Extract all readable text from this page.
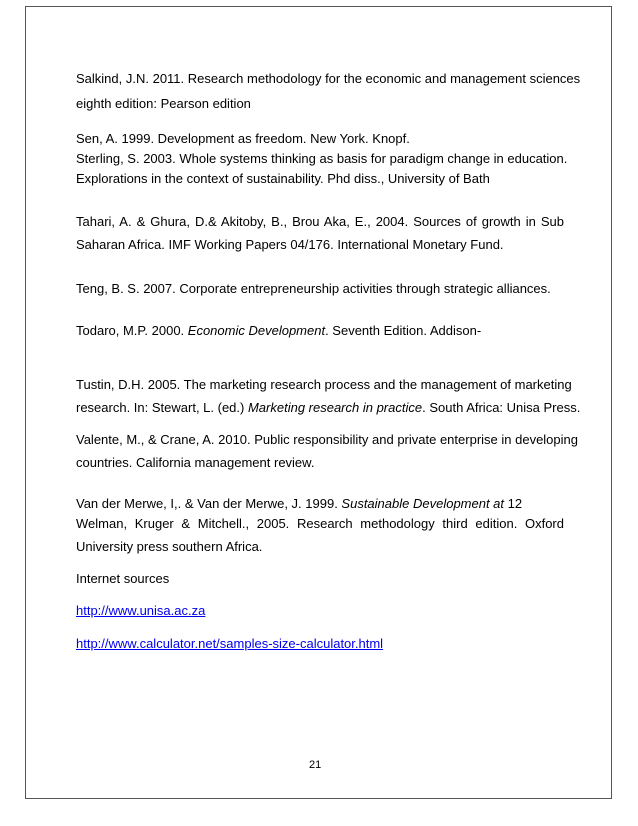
Salkind, J.N. 2011. Research methodology for the economic and management sciences
eighth edition: Pearson edition
Sen, A. 1999. Development as freedom. New York. Knopf.
Sterling, S. 2003. Whole systems thinking as basis for paradigm change in education.
Explorations in the context of sustainability. Phd diss., University of Bath
Tahari, A. & Ghura, D.& Akitoby, B., Brou Aka, E., 2004. Sources of growth in Sub
Saharan Africa. IMF Working Papers 04/176. International Monetary Fund.
Teng, B. S. 2007. Corporate entrepreneurship activities through strategic alliances.
Todaro, M.P. 2000. Economic Development. Seventh Edition. Addison-
Tustin, D.H. 2005. The marketing research process and the management of marketing
research. In: Stewart, L. (ed.) Marketing research in practice. South Africa: Unisa Press.
Valente, M., & Crane, A. 2010. Public responsibility and private enterprise in developing
countries. California management review.
Van der Merwe, I,. & Van der Merwe, J. 1999. Sustainable Development at 12
Welman, Kruger & Mitchell., 2005. Research methodology third edition. Oxford
University press southern Africa.
Internet sources
http://www.unisa.ac.za
http://www.calculator.net/samples-size-calculator.html
21
